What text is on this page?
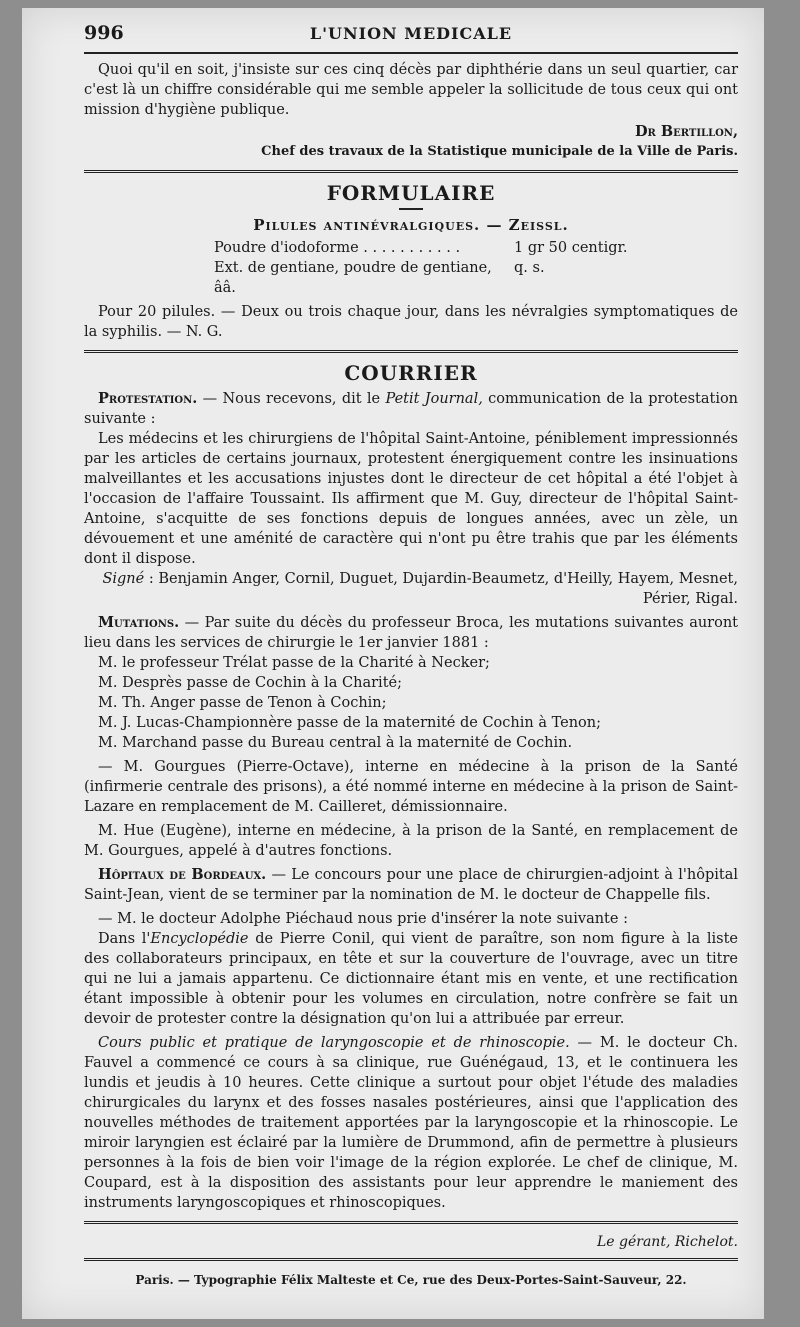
996	L'UNION MEDICALE

Quoi qu'il en soit, j'insiste sur ces cinq décès par diphthérie dans un seul quartier, car c'est là un chiffre considérable qui me semble appeler la sollicitude de tous ceux qui ont mission d'hygiène publique.

Dr Bertillon,

Chef des travaux de la Statistique municipale de la Ville de Paris.

FORMULAIRE
Pilules antinévralgiques. — Zeissl.
Poudre d'iodoforme . . . . . . . . . . .	1 gr 50 centigr.
Ext. de gentiane, poudre de gentiane, ââ.
q. s.

Pour 20 pilules. — Deux ou trois chaque jour, dans les névralgies symptomatiques de la syphilis. — N. G.

COURRIER

Protestation. — Nous recevons, dit le Petit Journal, communication de la protestation suivante :

Les médecins et les chirurgiens de l'hôpital Saint-Antoine, péniblement impressionnés par les articles de certains journaux, protestent énergiquement contre les insinuations malveillantes et les accusations injustes dont le directeur de cet hôpital a été l'objet à l'occasion de l'affaire Toussaint. Ils affirment que M. Guy, directeur de l'hôpital Saint-Antoine, s'acquitte de ses fonctions depuis de longues années, avec un zèle, un dévouement et une aménité de caractère qui n'ont pu être trahis que par les éléments dont il dispose.

Signé : Benjamin Anger, Cornil, Duguet, Dujardin-Beaumetz, d'Heilly, Hayem, Mesnet, Périer, Rigal.

Mutations. — Par suite du décès du professeur Broca, les mutations suivantes auront lieu dans les services de chirurgie le 1er janvier 1881 :

M. le professeur Trélat passe de la Charité à Necker;

M. Desprès passe de Cochin à la Charité;

M. Th. Anger passe de Tenon à Cochin;

M. J. Lucas-Championnère passe de la maternité de Cochin à Tenon;

M. Marchand passe du Bureau central à la maternité de Cochin.

— M. Gourgues (Pierre-Octave), interne en médecine à la prison de la Santé (infirmerie centrale des prisons), a été nommé interne en médecine à la prison de Saint-Lazare en remplacement de M. Cailleret, démissionnaire.

M. Hue (Eugène), interne en médecine, à la prison de la Santé, en remplacement de M. Gourgues, appelé à d'autres fonctions.

Hôpitaux de Bordeaux. — Le concours pour une place de chirurgien-adjoint à l'hôpital Saint-Jean, vient de se terminer par la nomination de M. le docteur de Chappelle fils.

— M. le docteur Adolphe Piéchaud nous prie d'insérer la note suivante :

Dans l'Encyclopédie de Pierre Conil, qui vient de paraître, son nom figure à la liste des collaborateurs principaux, en tête et sur la couverture de l'ouvrage, avec un titre qui ne lui a jamais appartenu. Ce dictionnaire étant mis en vente, et une rectification étant impossible à obtenir pour les volumes en circulation, notre confrère se fait un devoir de protester contre la désignation qu'on lui a attribuée par erreur.

Cours public et pratique de laryngoscopie et de rhinoscopie. — M. le docteur Ch. Fauvel a commencé ce cours à sa clinique, rue Guénégaud, 13, et le continuera les lundis et jeudis à 10 heures. Cette clinique a surtout pour objet l'étude des maladies chirurgicales du larynx et des fosses nasales postérieures, ainsi que l'application des nouvelles méthodes de traitement apportées par la laryngoscopie et la rhinoscopie. Le miroir laryngien est éclairé par la lumière de Drummond, afin de permettre à plusieurs personnes à la fois de bien voir l'image de la région explorée. Le chef de clinique, M. Coupard, est à la disposition des assistants pour leur apprendre le maniement des instruments laryngoscopiques et rhinoscopiques.

Le gérant, Richelot.
Paris. — Typographie Félix Malteste et Ce, rue des Deux-Portes-Saint-Sauveur, 22.
